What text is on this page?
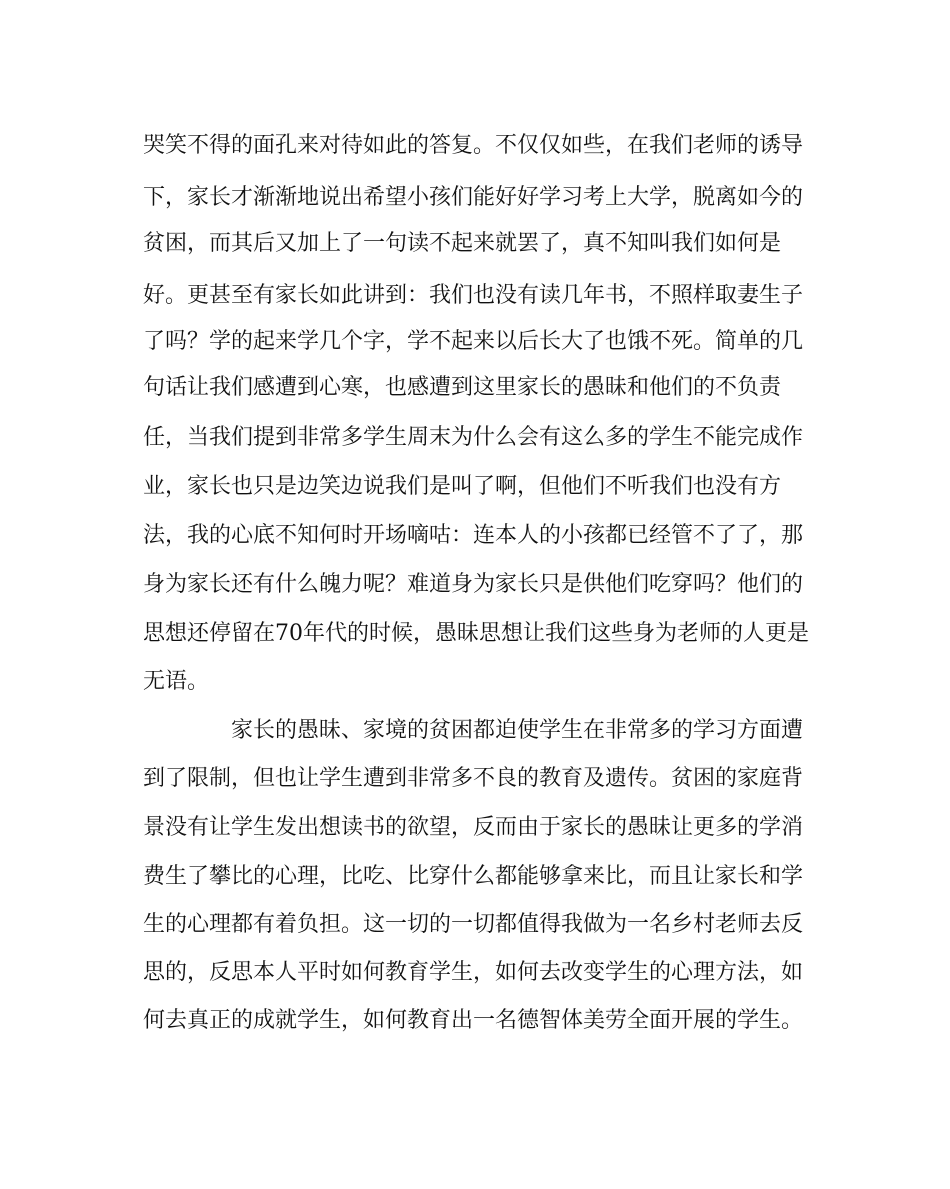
哭笑不得的面孔来对待如此的答复。不仅仅如些，在我们老师的诱导
下，家长才渐渐地说出希望小孩们能好好学习考上大学，脱离如今的
贫困，而其后又加上了一句读不起来就罢了，真不知叫我们如何是
好。更甚至有家长如此讲到：我们也没有读几年书，不照样取妻生子
了吗？学的起来学几个字，学不起来以后长大了也饿不死。简单的几
句话让我们感遭到心寒，也感遭到这里家长的愚昧和他们的不负责
任，当我们提到非常多学生周末为什么会有这么多的学生不能完成作
业，家长也只是边笑边说我们是叫了啊，但他们不听我们也没有方
法，我的心底不知何时开场嘀咕：连本人的小孩都已经管不了了，那
身为家长还有什么魄力呢？难道身为家长只是供他们吃穿吗？他们的
思想还停留在70年代的时候，愚昧思想让我们这些身为老师的人更是
无语。
家长的愚昧、家境的贫困都迫使学生在非常多的学习方面遭
到了限制，但也让学生遭到非常多不良的教育及遗传。贫困的家庭背
景没有让学生发出想读书的欲望，反而由于家长的愚昧让更多的学消
费生了攀比的心理，比吃、比穿什么都能够拿来比，而且让家长和学
生的心理都有着负担。这一切的一切都值得我做为一名乡村老师去反
思的，反思本人平时如何教育学生，如何去改变学生的心理方法，如
何去真正的成就学生，如何教育出一名德智体美劳全面开展的学生。
